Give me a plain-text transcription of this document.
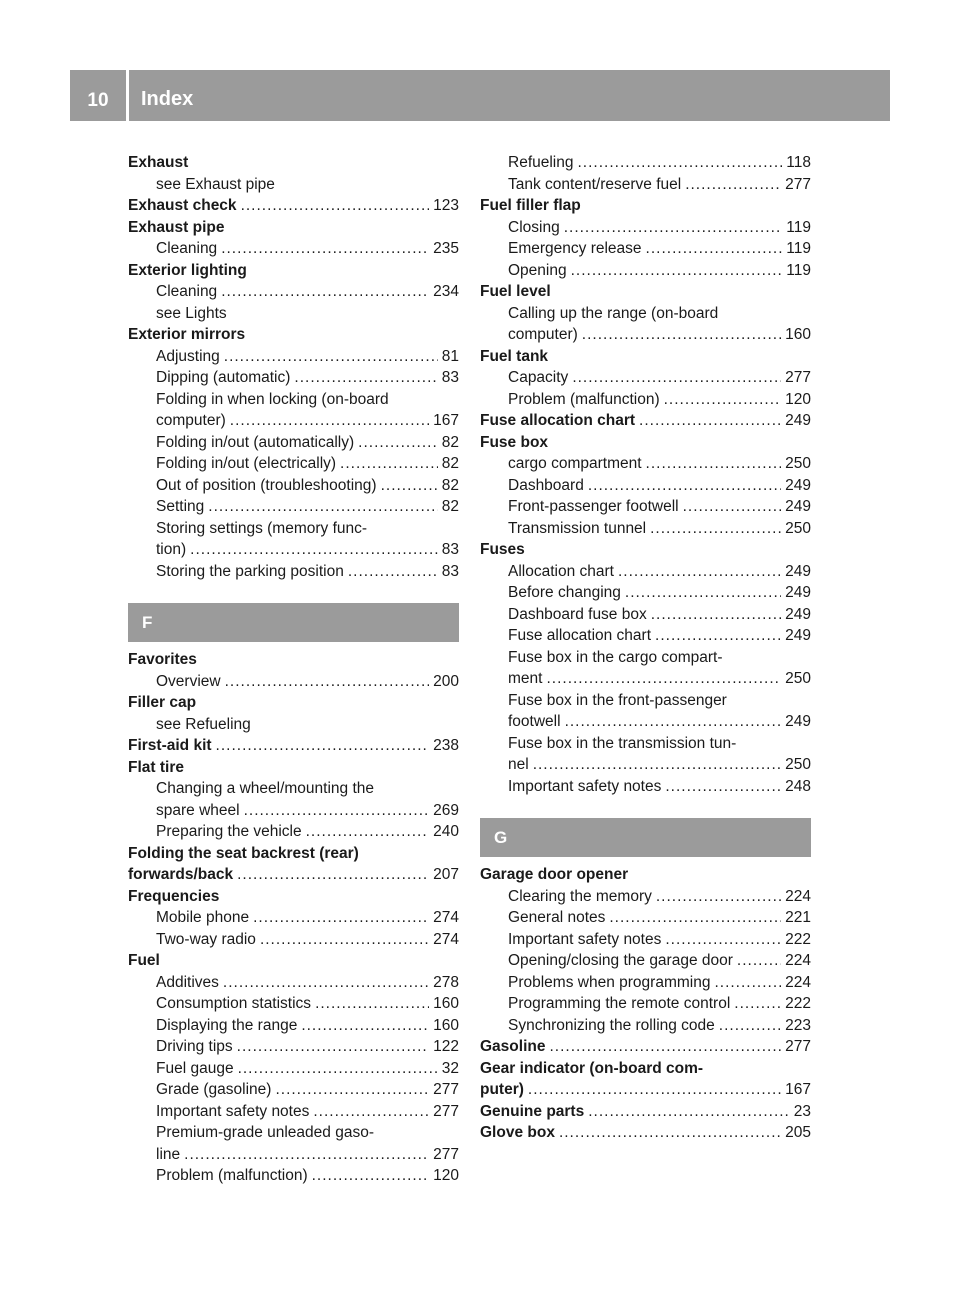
10	Index
Exhaust
see Exhaust pipe
Exhaust check .....	123
Exhaust pipe
Cleaning .....	235
Exterior lighting
Cleaning .....	234
see Lights
Exterior mirrors
Adjusting .....	81
Dipping (automatic) .....	83
Folding in when locking (on-board
computer) .....	167
Folding in/out (automatically) .....	82
Folding in/out (electrically) .....	82
Out of position (troubleshooting) .....	82
Setting .....	82
Storing settings (memory func-
tion) .....	83
Storing the parking position .....	83
F
Favorites
Overview .....	200
Filler cap
see Refueling
First-aid kit .....	238
Flat tire
Changing a wheel/mounting the
spare wheel .....	269
Preparing the vehicle .....	240
Folding the seat backrest (rear)
forwards/back .....	207
Frequencies
Mobile phone .....	274
Two-way radio .....	274
Fuel
Additives .....	278
Consumption statistics .....	160
Displaying the range .....	160
Driving tips .....	122
Fuel gauge .....	32
Grade (gasoline) .....	277
Important safety notes .....	277
Premium-grade unleaded gaso-
line .....	277
Problem (malfunction) .....	120
Refueling .....	118
Tank content/reserve fuel .....	277
Fuel filler flap
Closing .....	119
Emergency release .....	119
Opening .....	119
Fuel level
Calling up the range (on-board
computer) .....	160
Fuel tank
Capacity .....	277
Problem (malfunction) .....	120
Fuse allocation chart .....	249
Fuse box
cargo compartment .....	250
Dashboard .....	249
Front-passenger footwell .....	249
Transmission tunnel .....	250
Fuses
Allocation chart .....	249
Before changing .....	249
Dashboard fuse box .....	249
Fuse allocation chart .....	249
Fuse box in the cargo compart-
ment .....	250
Fuse box in the front-passenger
footwell .....	249
Fuse box in the transmission tun-
nel .....	250
Important safety notes .....	248
G
Garage door opener
Clearing the memory .....	224
General notes .....	221
Important safety notes .....	222
Opening/closing the garage door .....	224
Problems when programming .....	224
Programming the remote control .....	222
Synchronizing the rolling code .....	223
Gasoline .....	277
Gear indicator (on-board com-
puter) .....	167
Genuine parts .....	23
Glove box .....	205
